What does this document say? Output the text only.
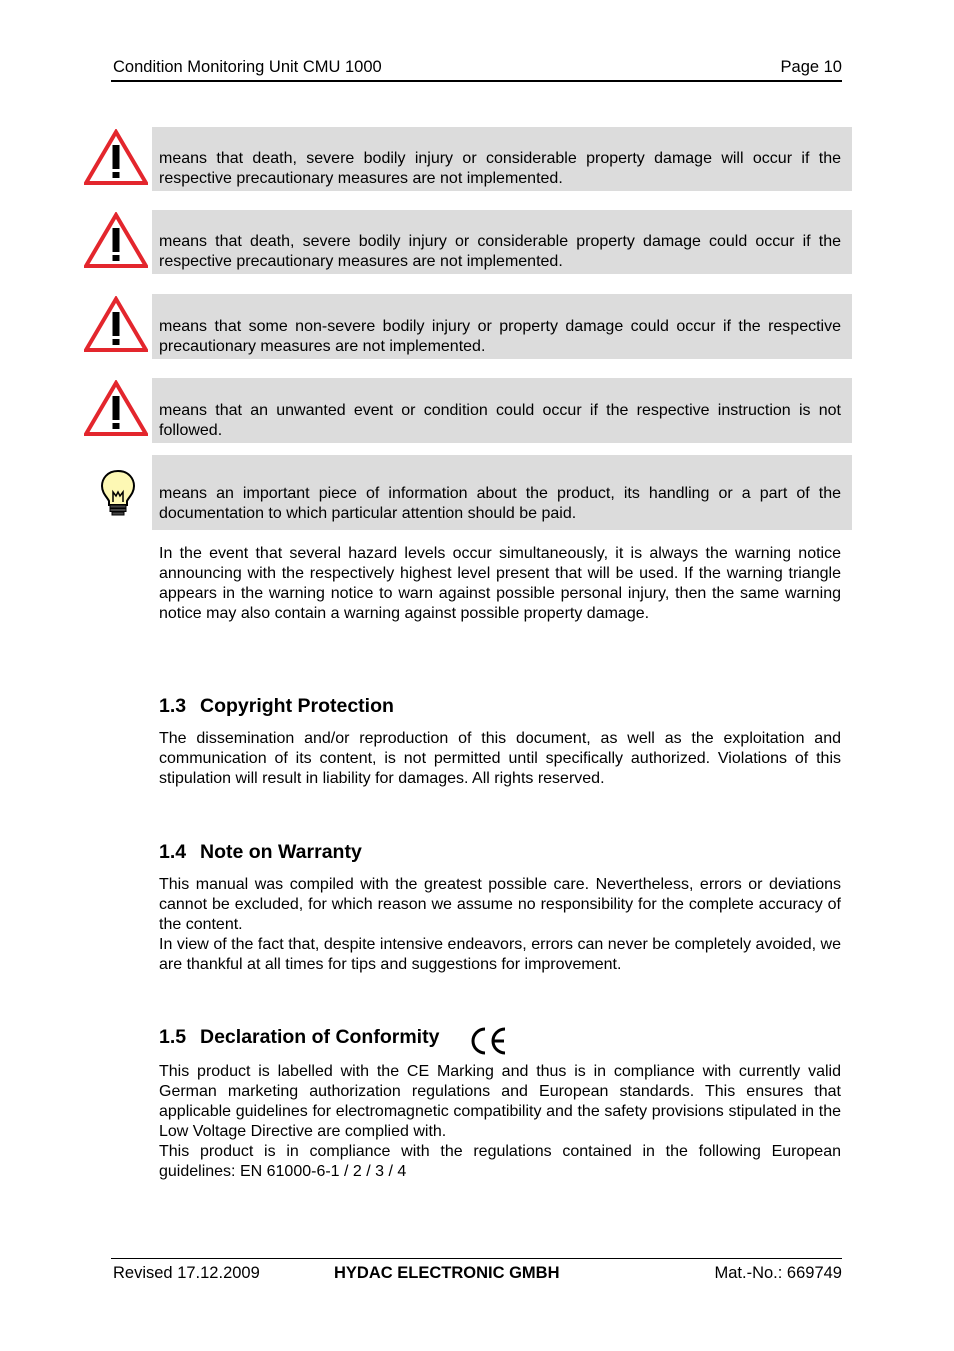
Condition Monitoring Unit CMU 1000	Page 10
means that death, severe bodily injury or considerable property damage will occur if the respective precautionary measures are not implemented.
means that death, severe bodily injury or considerable property damage could occur if the respective precautionary measures are not implemented.
means that some non-severe bodily injury or property damage could occur if the respective precautionary measures are not implemented.
means that an unwanted event or condition could occur if the respective instruction is not followed.
means an important piece of information about the product, its handling or a part of the documentation to which particular attention should be paid.

In the event that several hazard levels occur simultaneously, it is always the warning notice announcing with the respectively highest level present that will be used. If the warning triangle appears in the warning notice to warn against possible personal injury, then the same warning notice may also contain a warning against possible property damage.

1.3 Copyright Protection

The dissemination and/or reproduction of this document, as well as the exploitation and communication of its content, is not permitted until specifically authorized. Violations of this stipulation will result in liability for damages. All rights reserved.

1.4 Note on Warranty

This manual was compiled with the greatest possible care. Nevertheless, errors or deviations cannot be excluded, for which reason we assume no responsibility for the complete accuracy of the content.

In view of the fact that, despite intensive endeavors, errors can never be completely avoided, we are thankful at all times for tips and suggestions for improvement.

1.5 Declaration of Conformity

This product is labelled with the CE Marking and thus is in compliance with currently valid German marketing authorization regulations and European standards. This ensures that applicable guidelines for electromagnetic compatibility and the safety provisions stipulated in the Low Voltage Directive are complied with.

This product is in compliance with the regulations contained in the following European guidelines: EN 61000-6-1 / 2 / 3 / 4

Revised 17.12.2009	HYDAC ELECTRONIC GMBH	Mat.-No.: 669749
